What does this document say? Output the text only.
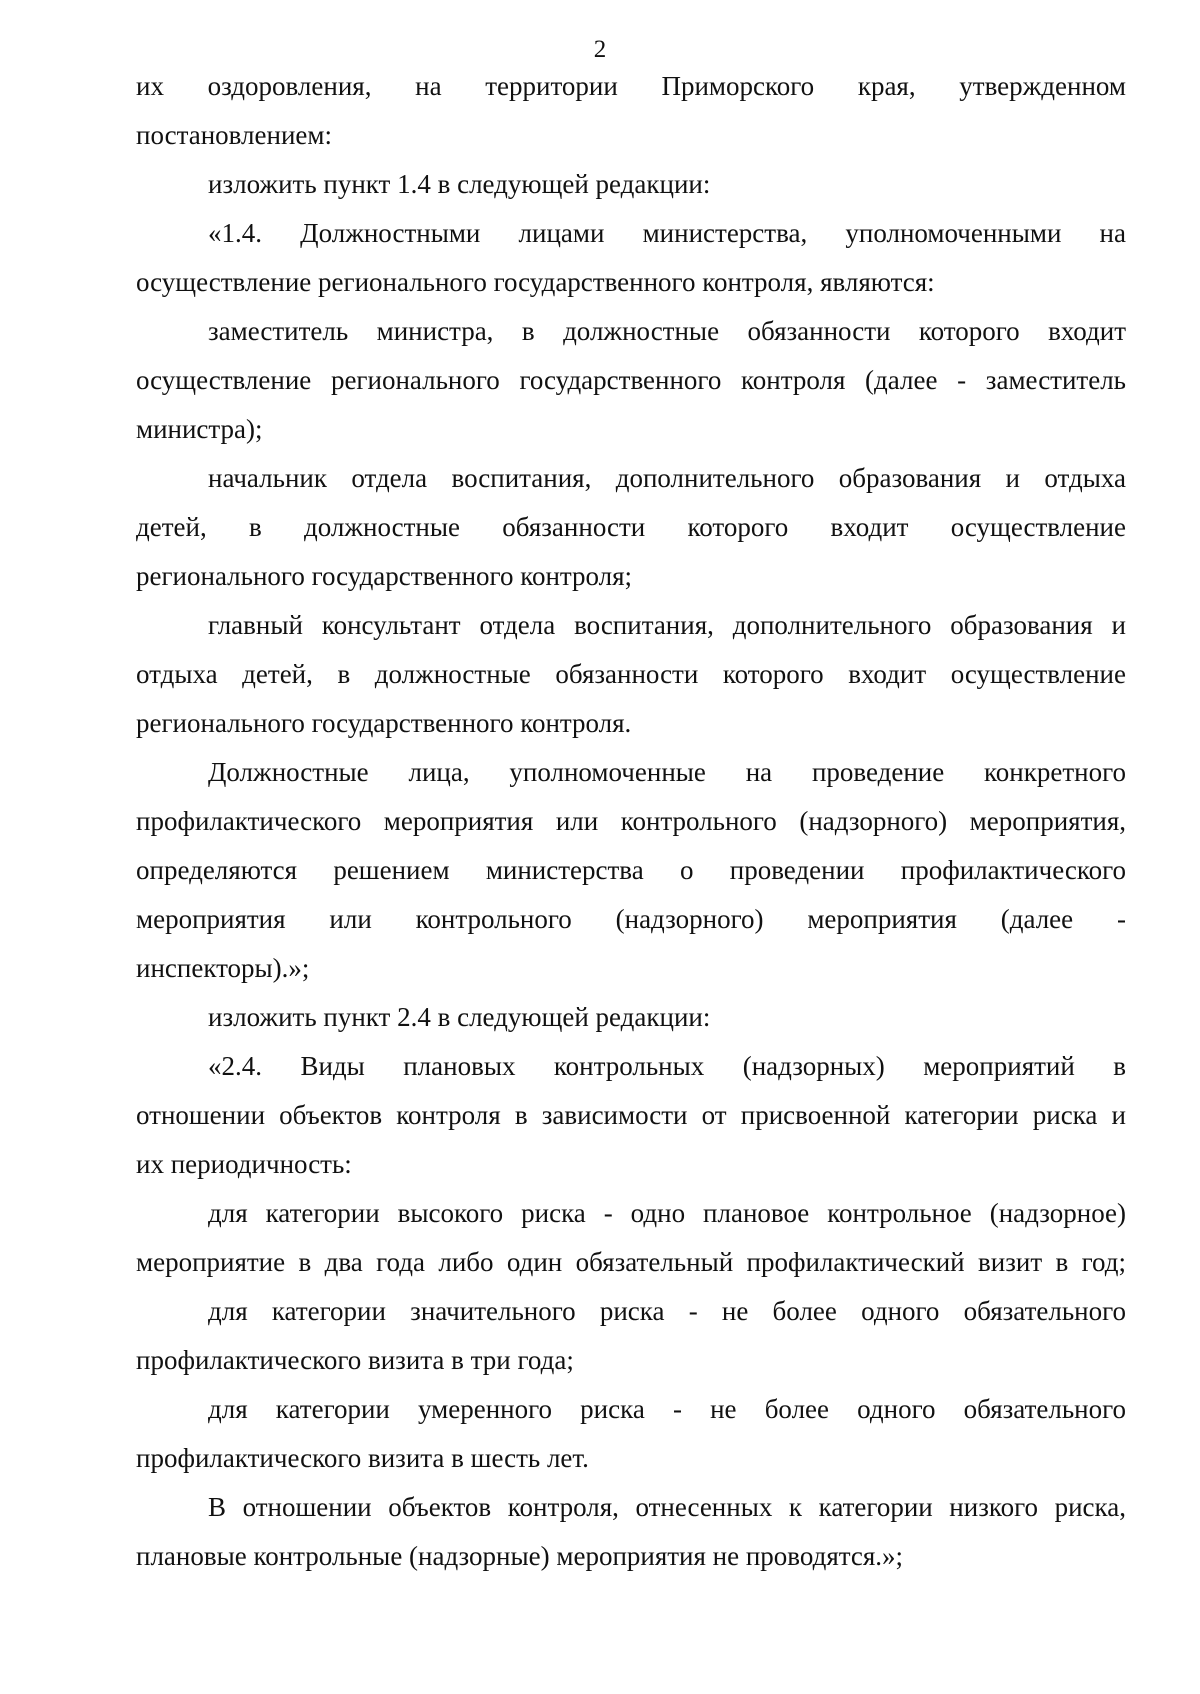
2
их оздоровления, на территории Приморского края, утвержденном
постановлением:
изложить пункт 1.4 в следующей редакции:
«1.4. Должностными лицами министерства, уполномоченными на
осуществление регионального государственного контроля, являются:
заместитель министра, в должностные обязанности которого входит
осуществление регионального государственного контроля (далее - заместитель
министра);
начальник отдела воспитания, дополнительного образования и отдыха
детей, в должностные обязанности которого входит осуществление
регионального государственного контроля;
главный консультант отдела воспитания, дополнительного образования и
отдыха детей, в должностные обязанности которого входит осуществление
регионального государственного контроля.
Должностные лица, уполномоченные на проведение конкретного
профилактического мероприятия или контрольного (надзорного) мероприятия,
определяются решением министерства о проведении профилактического
мероприятия или контрольного (надзорного) мероприятия (далее -
инспекторы).»;
изложить пункт 2.4 в следующей редакции:
«2.4. Виды плановых контрольных (надзорных) мероприятий в
отношении объектов контроля в зависимости от присвоенной категории риска и
их периодичность:
для категории высокого риска - одно плановое контрольное (надзорное)
мероприятие в два года либо один обязательный профилактический визит в год;
для категории значительного риска - не более одного обязательного
профилактического визита в три года;
для категории умеренного риска - не более одного обязательного
профилактического визита в шесть лет.
В отношении объектов контроля, отнесенных к категории низкого риска,
плановые контрольные (надзорные) мероприятия не проводятся.»;
